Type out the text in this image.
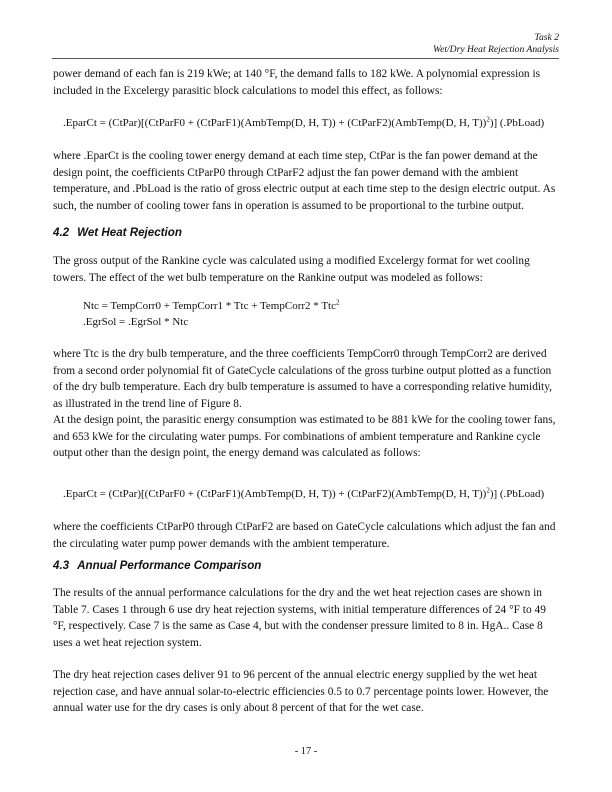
Task 2
Wet/Dry Heat Rejection Analysis

power demand of each fan is 219 kWe; at 140 °F, the demand falls to 182 kWe. A polynomial expression is included in the Excelergy parasitic block calculations to model this effect, as follows:

.EparCt = (CtPar)[(CtParF0 + (CtParF1)(AmbTemp(D, H, T)) + (CtParF2)(AmbTemp(D, H, T))$^2$)] (.PbLoad)

where .EparCt is the cooling tower energy demand at each time step, CtPar is the fan power demand at the design point, the coefficients CtParP0 through CtParF2 adjust the fan power demand with the ambient temperature, and .PbLoad is the ratio of gross electric output at each time step to the design electric output. As such, the number of cooling tower fans in operation is assumed to be proportional to the turbine output.

4.2 Wet Heat Rejection

The gross output of the Rankine cycle was calculated using a modified Excelergy format for wet cooling towers. The effect of the wet bulb temperature on the Rankine output was modeled as follows:

Ntc = TempCorr0 + TempCorr1 * Ttc + TempCorr2 * Ttc$^2$
.EgrSol = .EgrSol * Ntc

where Ttc is the dry bulb temperature, and the three coefficients TempCorr0 through TempCorr2 are derived from a second order polynomial fit of GateCycle calculations of the gross turbine output plotted as a function of the dry bulb temperature. Each dry bulb temperature is assumed to have a corresponding relative humidity, as illustrated in the trend line of Figure 8.

At the design point, the parasitic energy consumption was estimated to be 881 kWe for the cooling tower fans, and 653 kWe for the circulating water pumps. For combinations of ambient temperature and Rankine cycle output other than the design point, the energy demand was calculated as follows:

.EparCt = (CtPar)[(CtParF0 + (CtParF1)(AmbTemp(D, H, T)) + (CtParF2)(AmbTemp(D, H, T))$^2$)] (.PbLoad)

where the coefficients CtParP0 through CtParF2 are based on GateCycle calculations which adjust the fan and the circulating water pump power demands with the ambient temperature.

4.3 Annual Performance Comparison

The results of the annual performance calculations for the dry and the wet heat rejection cases are shown in Table 7. Cases 1 through 6 use dry heat rejection systems, with initial temperature differences of 24 °F to 49 °F, respectively. Case 7 is the same as Case 4, but with the condenser pressure limited to 8 in. HgA.. Case 8 uses a wet heat rejection system.

The dry heat rejection cases deliver 91 to 96 percent of the annual electric energy supplied by the wet heat rejection case, and have annual solar-to-electric efficiencies 0.5 to 0.7 percentage points lower. However, the annual water use for the dry cases is only about 8 percent of that for the wet case.

- 17 -
